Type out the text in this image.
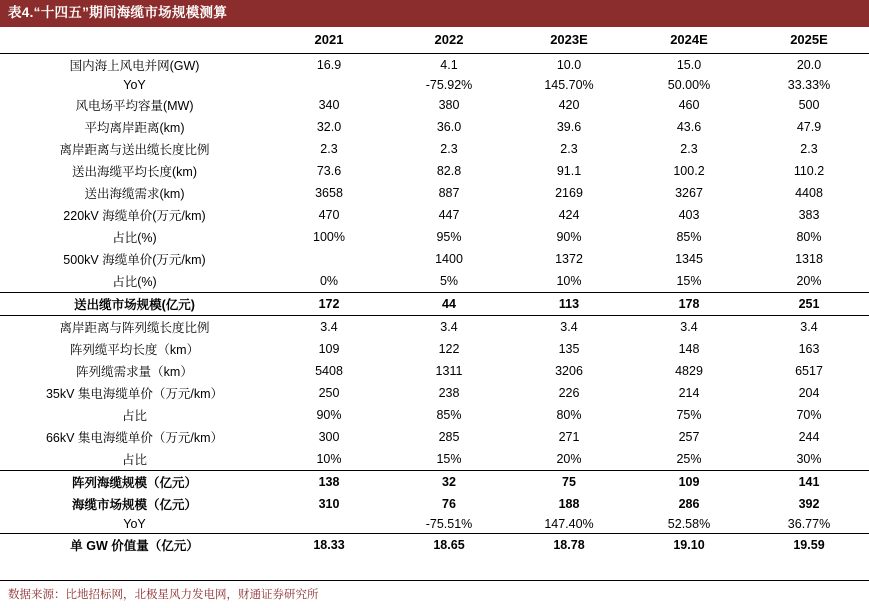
表4.“十四五”期间海缆市场规模测算
	2021	2022	2023E	2024E	2025E
国内海上风电并网(GW)	16.9	4.1	10.0	15.0	20.0
YoY		-75.92%	145.70%	50.00%	33.33%
风电场平均容量(MW)	340	380	420	460	500
平均离岸距离(km)	32.0	36.0	39.6	43.6	47.9
离岸距离与送出缆长度比例	2.3	2.3	2.3	2.3	2.3
送出海缆平均长度(km)	73.6	82.8	91.1	100.2	110.2
送出海缆需求(km)	3658	887	2169	3267	4408
220kV 海缆单价(万元/km)	470	447	424	403	383
占比(%)	100%	95%	90%	85%	80%
500kV 海缆单价(万元/km)		1400	1372	1345	1318
占比(%)	0%	5%	10%	15%	20%
送出缆市场规模(亿元)	172	44	113	178	251
离岸距离与阵列缆长度比例	3.4	3.4	3.4	3.4	3.4
阵列缆平均长度（km）	109	122	135	148	163
阵列缆需求量（km）	5408	1311	3206	4829	6517
35kV 集电海缆单价（万元/km）	250	238	226	214	204
占比	90%	85%	80%	75%	70%
66kV 集电海缆单价（万元/km）	300	285	271	257	244
占比	10%	15%	20%	25%	30%
阵列海缆规模（亿元）	138	32	75	109	141
海缆市场规模（亿元）	310	76	188	286	392
YoY		-75.51%	147.40%	52.58%	36.77%
单 GW 价值量（亿元）	18.33	18.65	18.78	19.10	19.59
数据来源：比地招标网，北极星风力发电网，财通证券研究所
